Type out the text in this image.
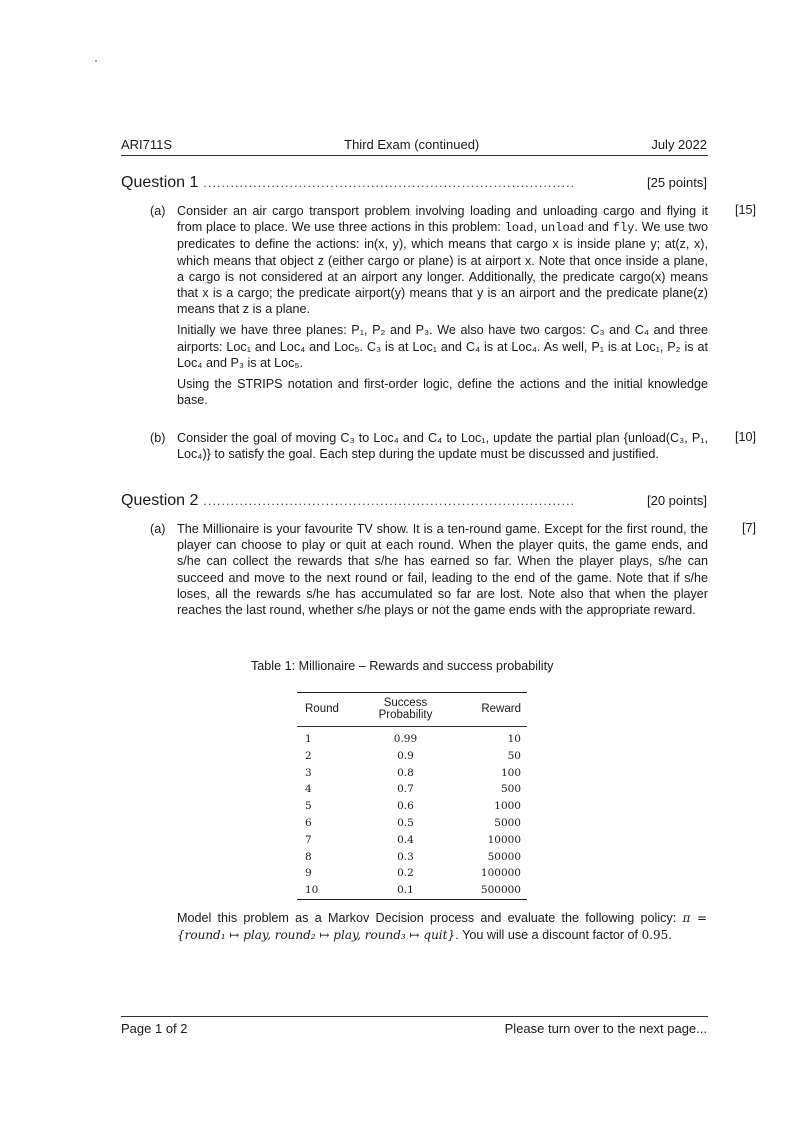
ARI711S	Third Exam (continued)	July 2022
Question 1 ..................................................................................	[25 points]
(a) Consider an air cargo transport problem involving loading and unloading cargo and flying it from place to place. We use three actions in this problem: load, unload and fly. We use two predicates to define the actions: in(x, y), which means that cargo x is inside plane y; at(z, x), which means that object z (either cargo or plane) is at airport x. Note that once inside a plane, a cargo is not considered at an airport any longer. Additionally, the predicate cargo(x) means that x is a cargo; the predicate airport(y) means that y is an airport and the predicate plane(z) means that z is a plane.

Initially we have three planes: P₁, P₂ and P₃. We also have two cargos: C₃ and C₄ and three airports: Loc₁ and Loc₄ and Loc₅. C₃ is at Loc₁ and C₄ is at Loc₄. As well, P₁ is at Loc₁, P₂ is at Loc₄ and P₃ is at Loc₅.

Using the STRIPS notation and first-order logic, define the actions and the initial knowledge base.

[15]
(b) Consider the goal of moving C₃ to Loc₄ and C₄ to Loc₁, update the partial plan {unload(C₃, P₁, Loc₄)} to satisfy the goal. Each step during the update must be discussed and justified.

[10]
Question 2 ..................................................................................	[20 points]
(a) The Millionaire is your favourite TV show. It is a ten-round game. Except for the first round, the player can choose to play or quit at each round. When the player quits, the game ends, and s/he can collect the rewards that s/he has earned so far. When the player plays, s/he can succeed and move to the next round or fail, leading to the end of the game. Note that if s/he loses, all the rewards s/he has accumulated so far are lost. Note also that when the player reaches the last round, whether s/he plays or not the game ends with the appropriate reward.

[7]
Table 1: Millionaire – Rewards and success probability
Round	Success Probability	Reward
1	0.99	10
2	0.9	50
3	0.8	100
4	0.7	500
5	0.6	1000
6	0.5	5000
7	0.4	10000
8	0.3	50000
9	0.2	100000
10	0.1	500000
Model this problem as a Markov Decision process and evaluate the following policy: π = {round₁ ↦ play, round₂ ↦ play, round₃ ↦ quit}. You will use a discount factor of 0.95.
Page 1 of 2	Please turn over to the next page...
